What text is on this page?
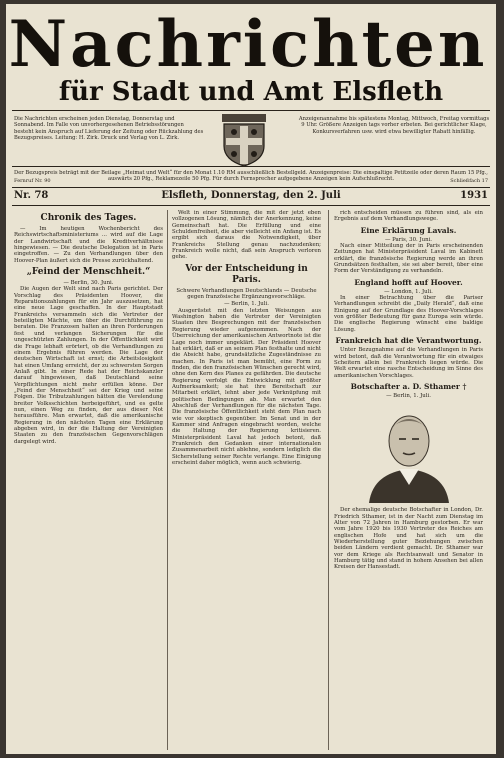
Nachrichten
für Stadt und Amt Elsfleth
Die Nachrichten erscheinen jeden Dienstag, Donnerstag und Sonnabend. Im Falle von unvorhergesehenen Betriebsstörungen besteht kein Anspruch auf Lieferung der Zeitung oder Rückzahlung des Bezugspreises. Leitung: H. Zirk. Druck und Verlag von L. Zirk.
Anzeigenannahme bis spätestens Montag, Mittwoch, Freitag vormittags 9 Uhr. Größere Anzeigen tags vorher erbeten. Bei gerichtlicher Klage, Konkursverfahren usw. wird etwa bewilligter Rabatt hinfällig.
Der Bezugspreis beträgt mit der Beilage „Heimat und Welt“ für den Monat 1.10 RM ausschließlich Bestellgeld. Anzeigenpreise: Die einspaltige Petitzeile oder deren Raum 15 Pfg., auswärts 20 Pfg., Reklamezeile 50 Pfg. Für durch Fernsprecher aufgegebene Anzeigen kein Aufschlußrecht.
Fernruf Nr. 90	Schließfach 17
Nr. 78	Elsfleth, Donnerstag, den 2. Juli	1931
Chronik des Tages.

— Im heutigen Wochenbericht des Reichswirtschaftsministeriums ... wird auf die Lage der Landwirtschaft und die Kreditverhältnisse hingewiesen. — Die deutsche Delegation ist in Paris eingetroffen. — Zu den Verhandlungen über den Hoover-Plan äußert sich die Presse zurückhaltend.

„Feind der Menschheit.“
— Berlin, 30. Juni.

Die Augen der Welt sind nach Paris gerichtet. Der Vorschlag des Präsidenten Hoover, die Reparationszahlungen für ein Jahr auszusetzen, hat eine neue Lage geschaffen. In der Hauptstadt Frankreichs versammeln sich die Vertreter der beteiligten Mächte, um über die Durchführung zu beraten. Die Franzosen halten an ihren Forderungen fest und verlangen Sicherungen für die ungeschützten Zahlungen. In der Öffentlichkeit wird die Frage lebhaft erörtert, ob die Verhandlungen zu einem Ergebnis führen werden. Die Lage der deutschen Wirtschaft ist ernst; die Arbeitslosigkeit hat einen Umfang erreicht, der zu schwersten Sorgen Anlaß gibt. In einer Rede hat der Reichskanzler darauf hingewiesen, daß Deutschland seine Verpflichtungen nicht mehr erfüllen könne. Der „Feind der Menschheit“ sei der Krieg und seine Folgen. Die Tributzahlungen hätten die Verelendung breiter Volksschichten herbeigeführt, und es gelte nun, einen Weg zu finden, der aus dieser Not herausführe. Man erwartet, daß die amerikanische Regierung in den nächsten Tagen eine Erklärung abgeben wird, in der die Haltung der Vereinigten Staaten zu den französischen Gegenvorschlägen dargelegt wird.

Welt in einer Stimmung, die mit der jetzt eben vollzogenen Lösung, nämlich der Anerkennung, keine Gemeinschaft hat. Die Erfüllung und eine Schuldenfreiheit, die aber vielleicht ein Anfang ist. Es ergibt sich daraus die Notwendigkeit, über Frankreichs Stellung genau nachzudenken; Frankreich wolle nicht, daß sein Anspruch verloren gehe.

Vor der Entscheidung in Paris.
Schwere Verhandlungen Deutschlands — Deutsche gegen französische Ergänzungsvorschläge.
— Berlin, 1. Juli.

Ausgerüstet mit den letzten Weisungen aus Washington haben die Vertreter der Vereinigten Staaten ihre Besprechungen mit der französischen Regierung wieder aufgenommen. Nach der Überreichung der amerikanischen Antwortnote ist die Lage noch immer ungeklärt. Der Präsident Hoover hat erklärt, daß er an seinem Plan festhalte und nicht die Absicht habe, grundsätzliche Zugeständnisse zu machen. In Paris ist man bemüht, eine Form zu finden, die den französischen Wünschen gerecht wird, ohne den Kern des Planes zu gefährden. Die deutsche Regierung verfolgt die Entwicklung mit größter Aufmerksamkeit; sie hat ihre Bereitschaft zur Mitarbeit erklärt, lehnt aber jede Verknüpfung mit politischen Bedingungen ab. Man erwartet den Abschluß der Verhandlungen für die nächsten Tage. Die französische Öffentlichkeit steht dem Plan nach wie vor skeptisch gegenüber. Im Senat und in der Kammer sind Anfragen eingebracht worden, welche die Haltung der Regierung kritisieren. Ministerpräsident Laval hat jedoch betont, daß Frankreich den Gedanken einer internationalen Zusammenarbeit nicht ablehne, sondern lediglich die Sicherstellung seiner Rechte verlange. Eine Einigung erscheint daher möglich, wenn auch schwierig.

rich entscheiden müssen zu führen sind, als ein Ergebnis auf dem Verhandlungswege.

Eine Erklärung Lavals.
— Paris, 30. Juni.

Nach einer Mitteilung der in Paris erscheinenden Zeitungen hat Ministerpräsident Laval im Kabinett erklärt, die französische Regierung werde an ihren Grundsätzen festhalten, sie sei aber bereit, über eine Form der Verständigung zu verhandeln.

England hofft auf Hoover.
— London, 1. Juli.

In einer Betrachtung über die Pariser Verhandlungen schreibt die „Daily Herald“, daß eine Einigung auf der Grundlage des Hoover-Vorschlages von größter Bedeutung für ganz Europa sein würde. Die englische Regierung wünscht eine baldige Lösung.

Frankreich hat die Verantwortung.

Unter Bezugnahme auf die Verhandlungen in Paris wird betont, daß die Verantwortung für ein etwaiges Scheitern allein bei Frankreich liegen würde. Die Welt erwartet eine rasche Entscheidung im Sinne des amerikanischen Vorschlages.

Botschafter a. D. Sthamer †
— Berlin, 1. Juli.

Der ehemalige deutsche Botschafter in London, Dr. Friedrich Sthamer, ist in der Nacht zum Dienstag im Alter von 72 Jahren in Hamburg gestorben. Er war vom Jahre 1920 bis 1930 Vertreter des Reiches am englischen Hofe und hat sich um die Wiederherstellung guter Beziehungen zwischen beiden Ländern verdient gemacht. Dr. Sthamer war vor dem Kriege als Rechtsanwalt und Senator in Hamburg tätig und stand in hohem Ansehen bei allen Kreisen der Hansestadt.
